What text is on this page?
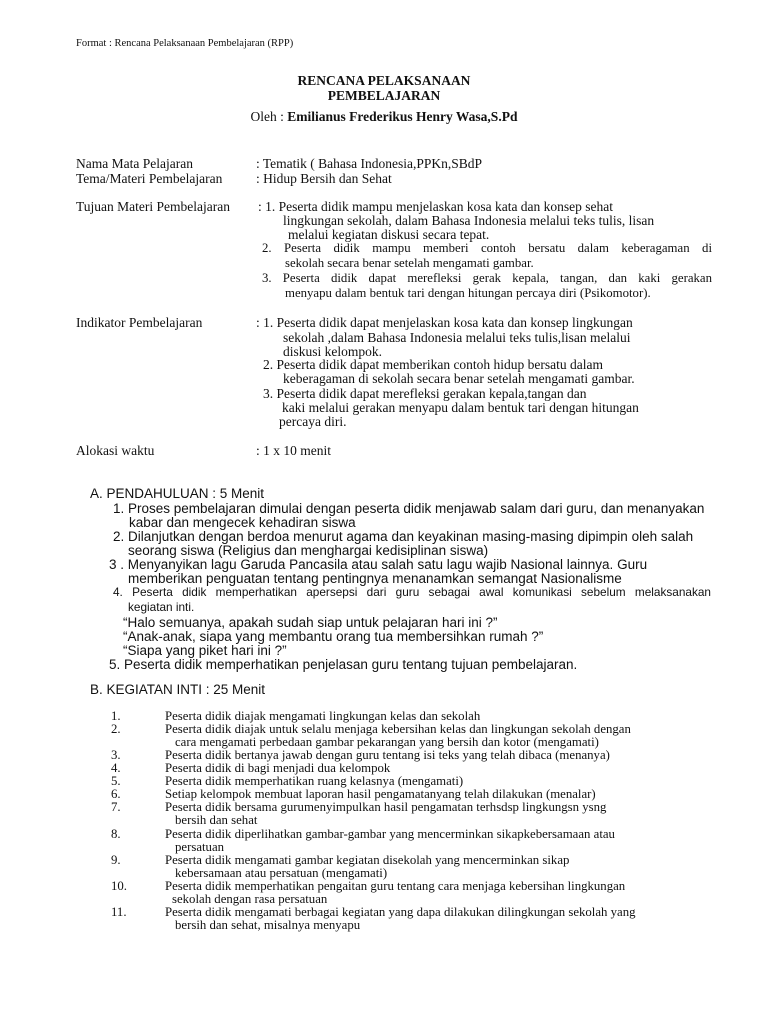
Format : Rencana Pelaksanaan Pembelajaran (RPP)
RENCANA PELAKSANAAN
PEMBELAJARAN
Oleh : Emilianus Frederikus Henry Wasa,S.Pd
Nama Mata Pelajaran	: Tematik ( Bahasa Indonesia,PPKn,SBdP
Tema/Materi Pembelajaran : Hidup Bersih dan Sehat
Tujuan Materi Pembelajaran : 1. Peserta didik mampu menjelaskan kosa kata dan konsep sehat
lingkungan sekolah, dalam Bahasa Indonesia melalui teks tulis, lisan
melalui kegiatan diskusi secara tepat.
2. Peserta didik mampu memberi contoh bersatu dalam keberagaman di
sekolah secara benar setelah mengamati gambar.
3. Peserta didik dapat merefleksi gerak kepala, tangan, dan kaki gerakan
menyapu dalam bentuk tari dengan hitungan percaya diri (Psikomotor).
Indikator Pembelajaran	: 1. Peserta didik dapat menjelaskan kosa kata dan konsep lingkungan
sekolah ,dalam Bahasa Indonesia melalui teks tulis,lisan melalui
diskusi kelompok.
2. Peserta didik dapat memberikan contoh hidup bersatu dalam
keberagaman di sekolah secara benar setelah mengamati gambar.
3. Peserta didik dapat merefleksi gerakan kepala,tangan dan
kaki melalui gerakan menyapu dalam bentuk tari dengan hitungan
percaya diri.
Alokasi waktu	: 1 x 10 menit
A. PENDAHULUAN : 5 Menit
1. Proses pembelajaran dimulai dengan peserta didik menjawab salam dari guru, dan menanyakan
kabar dan mengecek kehadiran siswa
2. Dilanjutkan dengan berdoa menurut agama dan keyakinan masing-masing dipimpin oleh salah
seorang siswa (Religius dan menghargai kedisiplinan siswa)
3 . Menyanyikan lagu Garuda Pancasila atau salah satu lagu wajib Nasional lainnya. Guru
memberikan penguatan tentang pentingnya menanamkan semangat Nasionalisme
4. Peserta didik memperhatikan apersepsi dari guru sebagai awal komunikasi sebelum melaksanakan
kegiatan inti.
“Halo semuanya, apakah sudah siap untuk pelajaran hari ini ?”
“Anak-anak, siapa yang membantu orang tua membersihkan rumah ?”
“Siapa yang piket hari ini ?”
5. Peserta didik memperhatikan penjelasan guru tentang tujuan pembelajaran.
B. KEGIATAN INTI : 25 Menit
1.	Peserta didik diajak mengamati lingkungan kelas dan sekolah
2.	Peserta didik diajak untuk selalu menjaga kebersihan kelas dan lingkungan sekolah dengan
cara mengamati perbedaan gambar pekarangan yang bersih dan kotor (mengamati)
3.	Peserta didik bertanya jawab dengan guru tentang isi teks yang telah dibaca (menanya)
4.	Peserta didik di bagi menjadi dua kelompok
5.	Peserta didik memperhatikan ruang kelasnya (mengamati)
6.	Setiap kelompok membuat laporan hasil pengamatanyang telah dilakukan (menalar)
7.	Peserta didik bersama gurumenyimpulkan hasil pengamatan terhsdsp lingkungsn ysng
bersih dan sehat
8.	Peserta didik diperlihatkan gambar-gambar yang mencerminkan sikapkebersamaan atau
persatuan
9.	Peserta didik mengamati gambar kegiatan disekolah yang mencerminkan sikap
kebersamaan atau persatuan (mengamati)
10.	Peserta didik memperhatikan pengaitan guru tentang cara menjaga kebersihan lingkungan
sekolah dengan rasa persatuan
11.	Peserta didik mengamati berbagai kegiatan yang dapa dilakukan dilingkungan sekolah yang
bersih dan sehat, misalnya menyapu
